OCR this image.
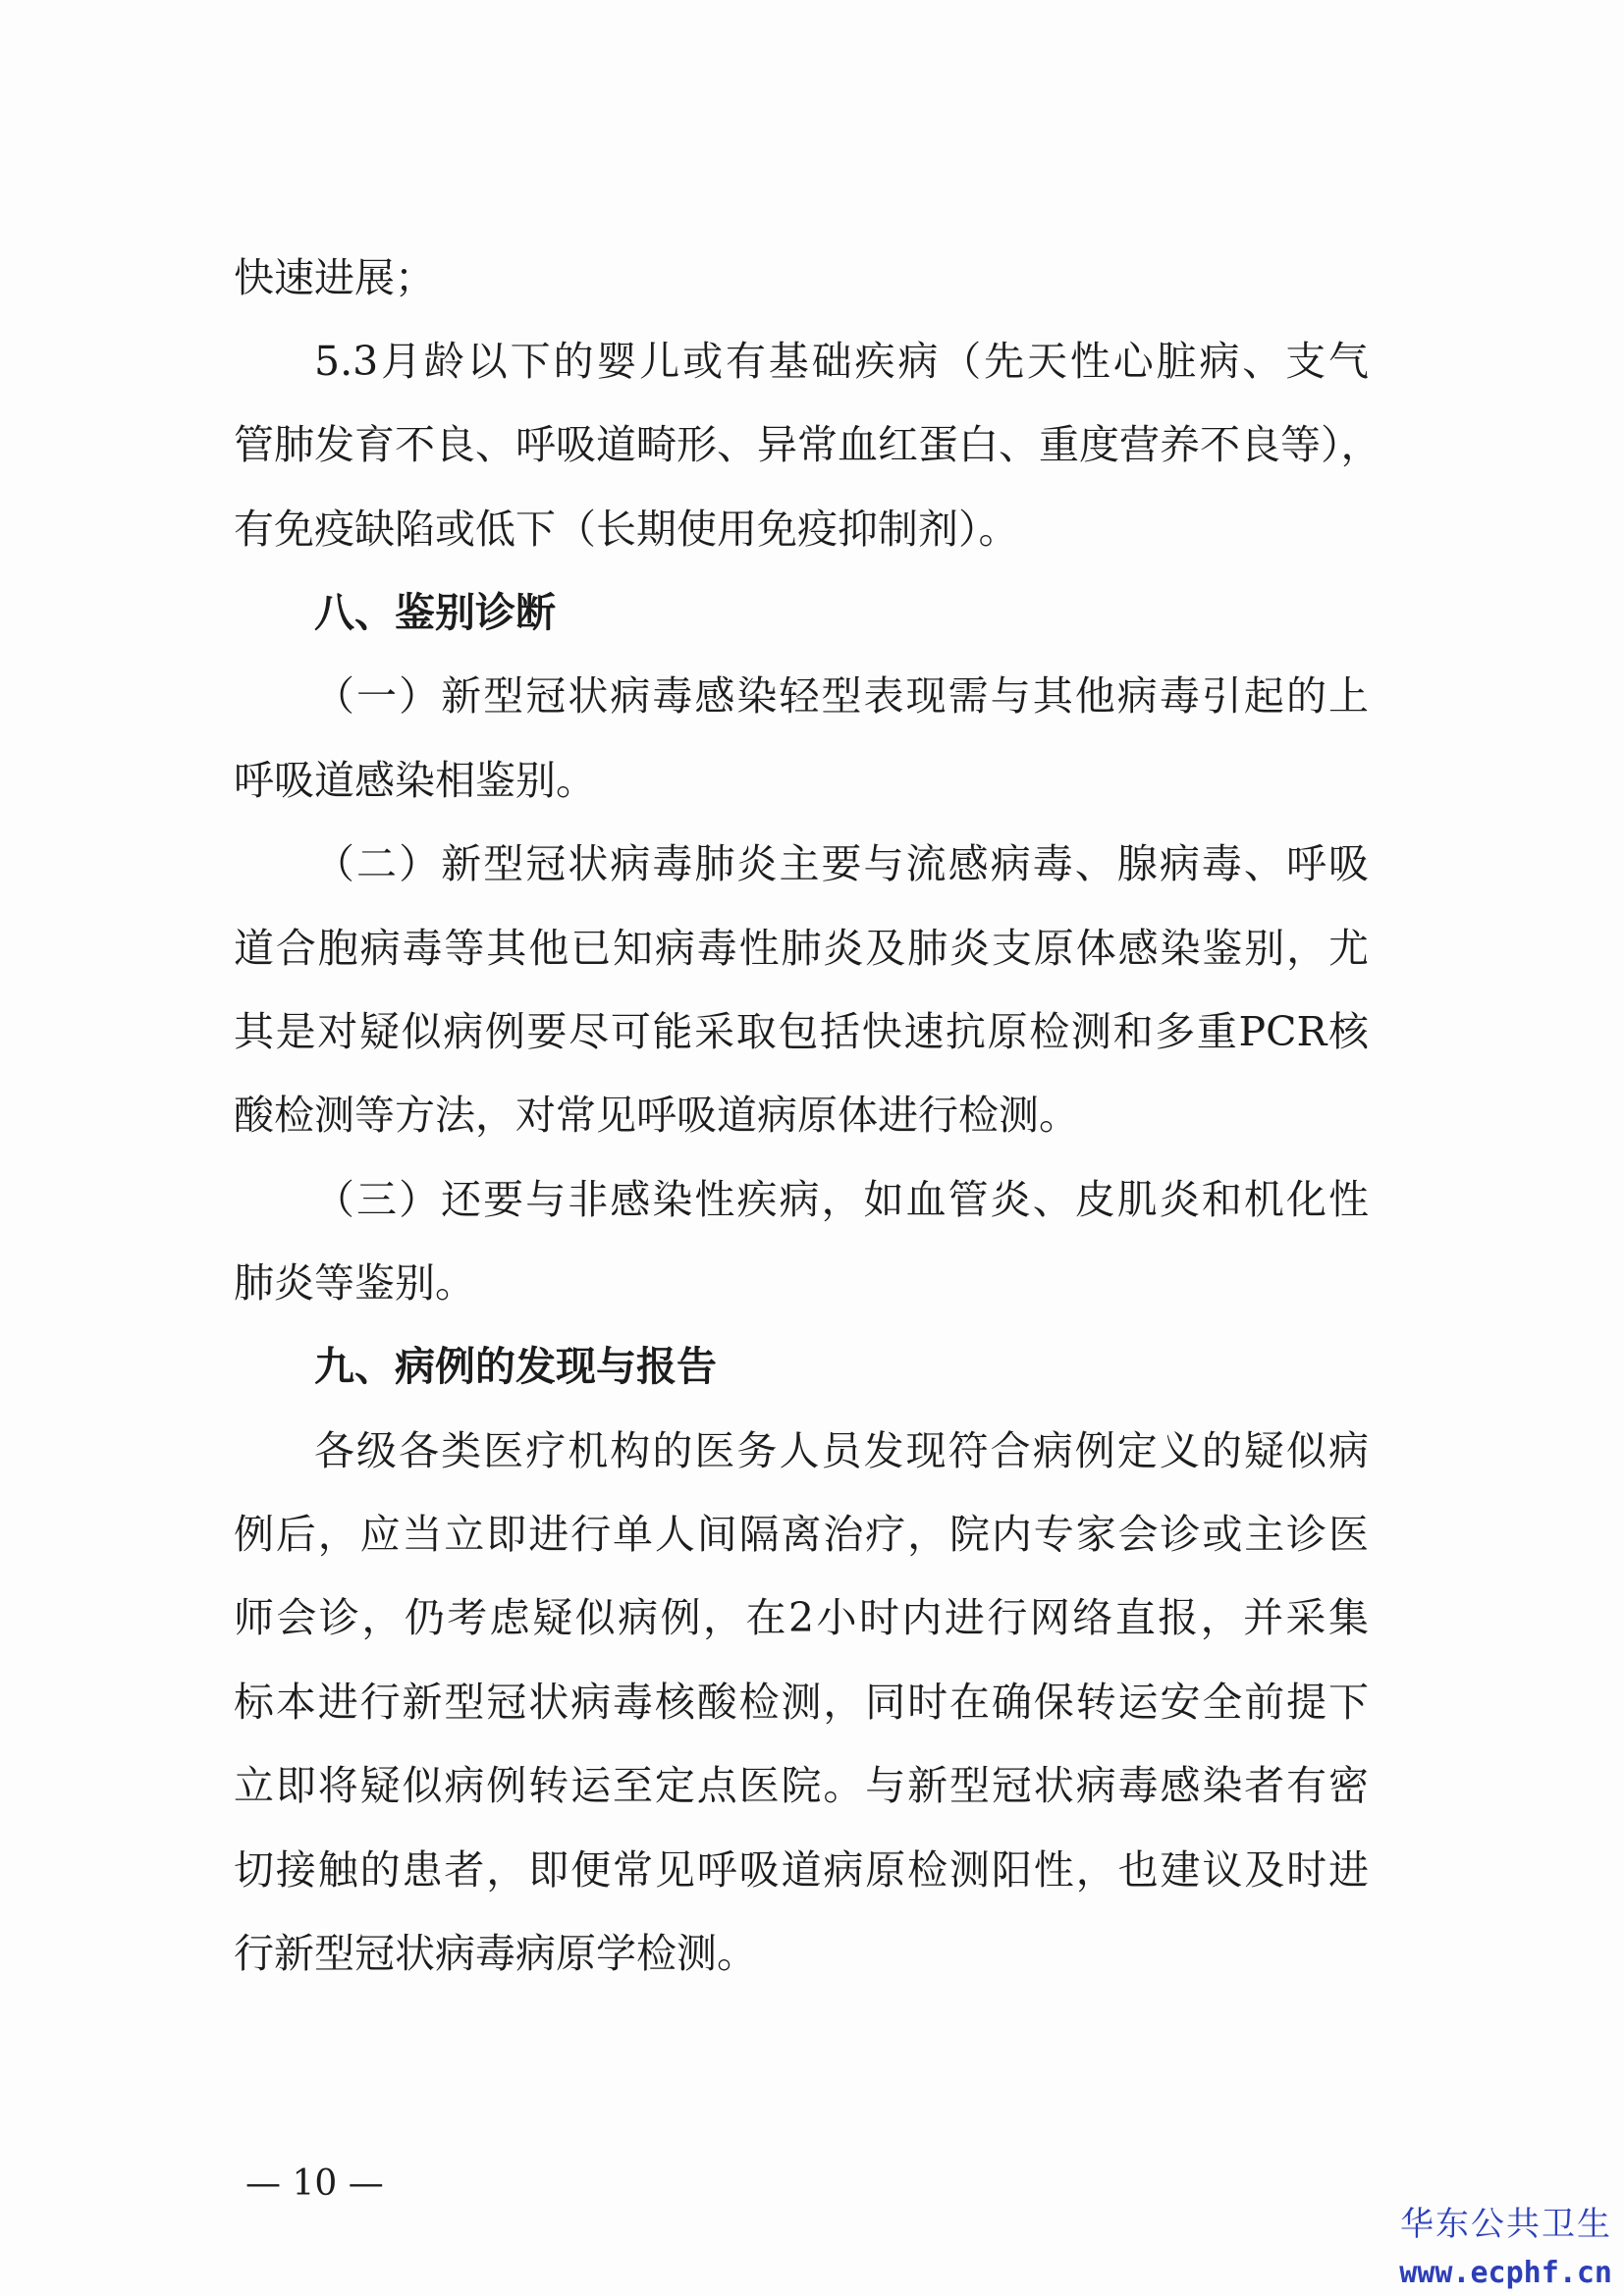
快速进展；
5.3月龄以下的婴儿或有基础疾病（先天性心脏病、支气
管肺发育不良、呼吸道畸形、异常血红蛋白、重度营养不良等），
有免疫缺陷或低下（长期使用免疫抑制剂）。
八、鉴别诊断
（一）新型冠状病毒感染轻型表现需与其他病毒引起的上
呼吸道感染相鉴别。
（二）新型冠状病毒肺炎主要与流感病毒、腺病毒、呼吸
道合胞病毒等其他已知病毒性肺炎及肺炎支原体感染鉴别，尤
其是对疑似病例要尽可能采取包括快速抗原检测和多重PCR核
酸检测等方法，对常见呼吸道病原体进行检测。
（三）还要与非感染性疾病，如血管炎、皮肌炎和机化性
肺炎等鉴别。
九、病例的发现与报告
各级各类医疗机构的医务人员发现符合病例定义的疑似病
例后，应当立即进行单人间隔离治疗，院内专家会诊或主诊医
师会诊，仍考虑疑似病例，在2小时内进行网络直报，并采集
标本进行新型冠状病毒核酸检测，同时在确保转运安全前提下
立即将疑似病例转运至定点医院。与新型冠状病毒感染者有密
切接触的患者，即便常见呼吸道病原检测阳性，也建议及时进
行新型冠状病毒病原学检测。
— 10 —
华东公共卫生
www.ecphf.cn
